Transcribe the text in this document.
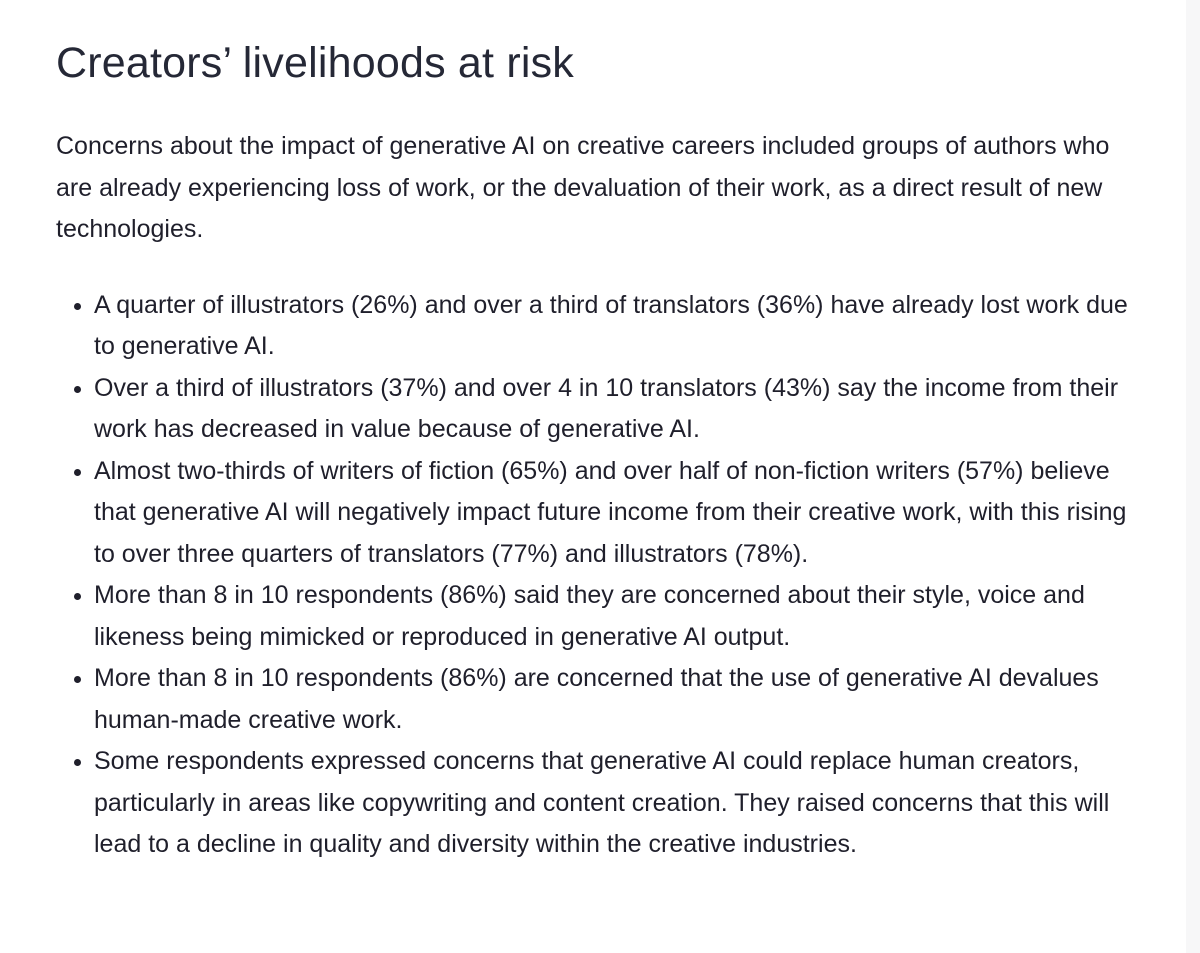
Creators’ livelihoods at risk

Concerns about the impact of generative AI on creative careers included groups of authors who are already experiencing loss of work, or the devaluation of their work, as a direct result of new technologies.

A quarter of illustrators (26%) and over a third of translators (36%) have already lost work due to generative AI.
Over a third of illustrators (37%) and over 4 in 10 translators (43%) say the income from their work has decreased in value because of generative AI.
Almost two-thirds of writers of fiction (65%) and over half of non-fiction writers (57%) believe that generative AI will negatively impact future income from their creative work, with this rising to over three quarters of translators (77%) and illustrators (78%).
More than 8 in 10 respondents (86%) said they are concerned about their style, voice and likeness being mimicked or reproduced in generative AI output.
More than 8 in 10 respondents (86%) are concerned that the use of generative AI devalues human-made creative work.
Some respondents expressed concerns that generative AI could replace human creators, particularly in areas like copywriting and content creation. They raised concerns that this will lead to a decline in quality and diversity within the creative industries.
